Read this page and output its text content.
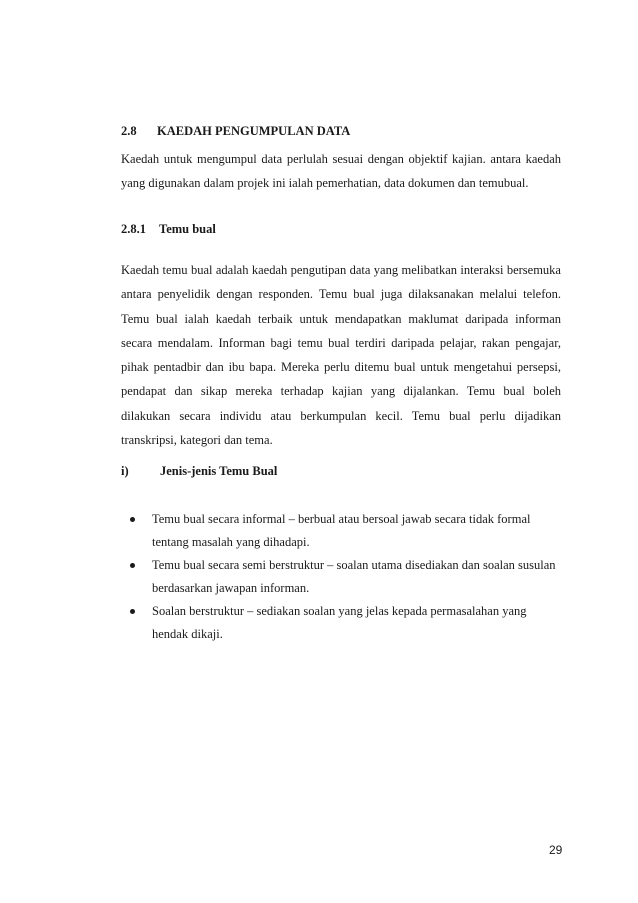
2.8 KAEDAH PENGUMPULAN DATA

Kaedah untuk mengumpul data perlulah sesuai dengan objektif kajian. antara kaedah yang digunakan dalam projek ini ialah pemerhatian, data dokumen dan temubual.

2.8.1 Temu bual

Kaedah temu bual adalah kaedah pengutipan data yang melibatkan interaksi bersemuka antara penyelidik dengan responden. Temu bual juga dilaksanakan melalui telefon. Temu bual ialah kaedah terbaik untuk mendapatkan maklumat daripada informan secara mendalam. Informan bagi temu bual terdiri daripada pelajar, rakan pengajar, pihak pentadbir dan ibu bapa. Mereka perlu ditemu bual untuk mengetahui persepsi, pendapat dan sikap mereka terhadap kajian yang dijalankan. Temu bual boleh dilakukan secara individu atau berkumpulan kecil. Temu bual perlu dijadikan transkripsi, kategori dan tema.

i)	Jenis-jenis Temu Bual
Temu bual secara informal – berbual atau bersoal jawab secara tidak formal tentang masalah yang dihadapi.
Temu bual secara semi berstruktur – soalan utama disediakan dan soalan susulan berdasarkan jawapan informan.
Soalan berstruktur – sediakan soalan yang jelas kepada permasalahan yang hendak dikaji.
29
